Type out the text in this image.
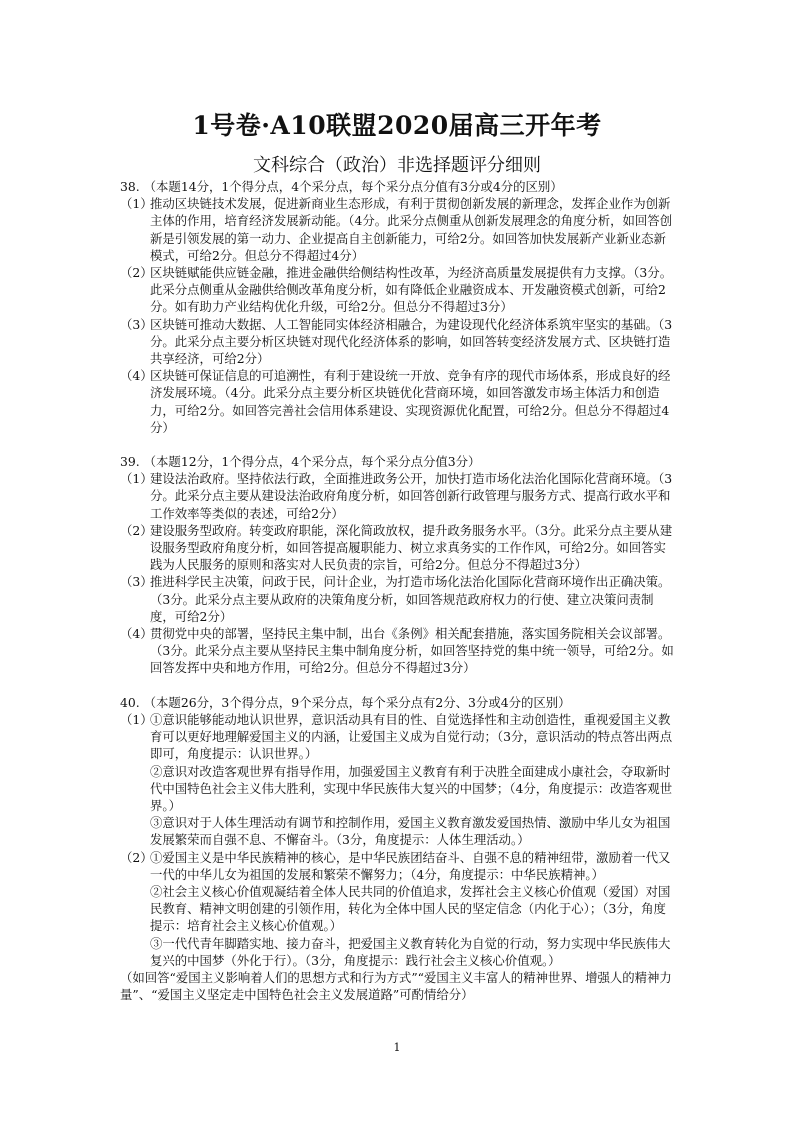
1号卷·A10联盟2020届高三开年考
文科综合（政治）非选择题评分细则

38. （本题14分，1个得分点，4个采分点，每个采分点分值有3分或4分的区别）

（1）
推动区块链技术发展，促进新商业生态形成，有利于贯彻创新发展的新理念，发挥企业作为创新主体的作用，培育经济发展新动能。（4分。此采分点侧重从创新发展理念的角度分析，如回答创新是引领发展的第一动力、企业提高自主创新能力，可给2分。如回答加快发展新产业新业态新模式，可给2分。但总分不得超过4分）
（2）
区块链赋能供应链金融，推进金融供给侧结构性改革，为经济高质量发展提供有力支撑。（3分。此采分点侧重从金融供给侧改革角度分析，如有降低企业融资成本、开发融资模式创新，可给2分。如有助力产业结构优化升级，可给2分。但总分不得超过3分）
（3）
区块链可推动大数据、人工智能同实体经济相融合，为建设现代化经济体系筑牢坚实的基础。（3分。此采分点主要分析区块链对现代化经济体系的影响，如回答转变经济发展方式、区块链打造共享经济，可给2分）
（4）
区块链可保证信息的可追溯性，有利于建设统一开放、竞争有序的现代市场体系，形成良好的经济发展环境。（4分。此采分点主要分析区块链优化营商环境，如回答激发市场主体活力和创造力，可给2分。如回答完善社会信用体系建设、实现资源优化配置，可给2分。但总分不得超过4分）

39. （本题12分，1个得分点，4个采分点，每个采分点分值3分）

（1）
建设法治政府。坚持依法行政，全面推进政务公开，加快打造市场化法治化国际化营商环境。（3分。此采分点主要从建设法治政府角度分析，如回答创新行政管理与服务方式、提高行政水平和工作效率等类似的表述，可给2分）
（2）
建设服务型政府。转变政府职能，深化简政放权，提升政务服务水平。（3分。此采分点主要从建设服务型政府角度分析，如回答提高履职能力、树立求真务实的工作作风，可给2分。如回答实践为人民服务的原则和落实对人民负责的宗旨，可给2分。但总分不得超过3分）
（3）
推进科学民主决策，问政于民，问计企业，为打造市场化法治化国际化营商环境作出正确决策。（3分。此采分点主要从政府的决策角度分析，如回答规范政府权力的行使、建立决策问责制度，可给2分）
（4）
贯彻党中央的部署，坚持民主集中制，出台《条例》相关配套措施，落实国务院相关会议部署。（3分。此采分点主要从坚持民主集中制角度分析，如回答坚持党的集中统一领导，可给2分。如回答发挥中央和地方作用，可给2分。但总分不得超过3分）

40. （本题26分，3个得分点，9个采分点，每个采分点有2分、3分或4分的区别）

（1）

①意识能够能动地认识世界，意识活动具有目的性、自觉选择性和主动创造性，重视爱国主义教育可以更好地理解爱国主义的内涵，让爱国主义成为自觉行动；（3分，意识活动的特点答出两点即可，角度提示：认识世界。）

②意识对改造客观世界有指导作用，加强爱国主义教育有利于决胜全面建成小康社会，夺取新时代中国特色社会主义伟大胜利，实现中华民族伟大复兴的中国梦；（4分，角度提示：改造客观世界。）

③意识对于人体生理活动有调节和控制作用，爱国主义教育激发爱国热情、激励中华儿女为祖国发展繁荣而自强不息、不懈奋斗。（3分，角度提示：人体生理活动。）

（2）

①爱国主义是中华民族精神的核心，是中华民族团结奋斗、自强不息的精神纽带，激励着一代又一代的中华儿女为祖国的发展和繁荣不懈努力；（4分，角度提示：中华民族精神。）

②社会主义核心价值观凝结着全体人民共同的价值追求，发挥社会主义核心价值观（爱国）对国民教育、精神文明创建的引领作用，转化为全体中国人民的坚定信念（内化于心）；（3分，角度提示：培育社会主义核心价值观。）

③一代代青年脚踏实地、接力奋斗，把爱国主义教育转化为自觉的行动，努力实现中华民族伟大复兴的中国梦（外化于行）。（3分，角度提示：践行社会主义核心价值观。）

（如回答“爱国主义影响着人们的思想方式和行为方式”“爱国主义丰富人的精神世界、增强人的精神力量”、“爱国主义坚定走中国特色社会主义发展道路”可酌情给分）

1
